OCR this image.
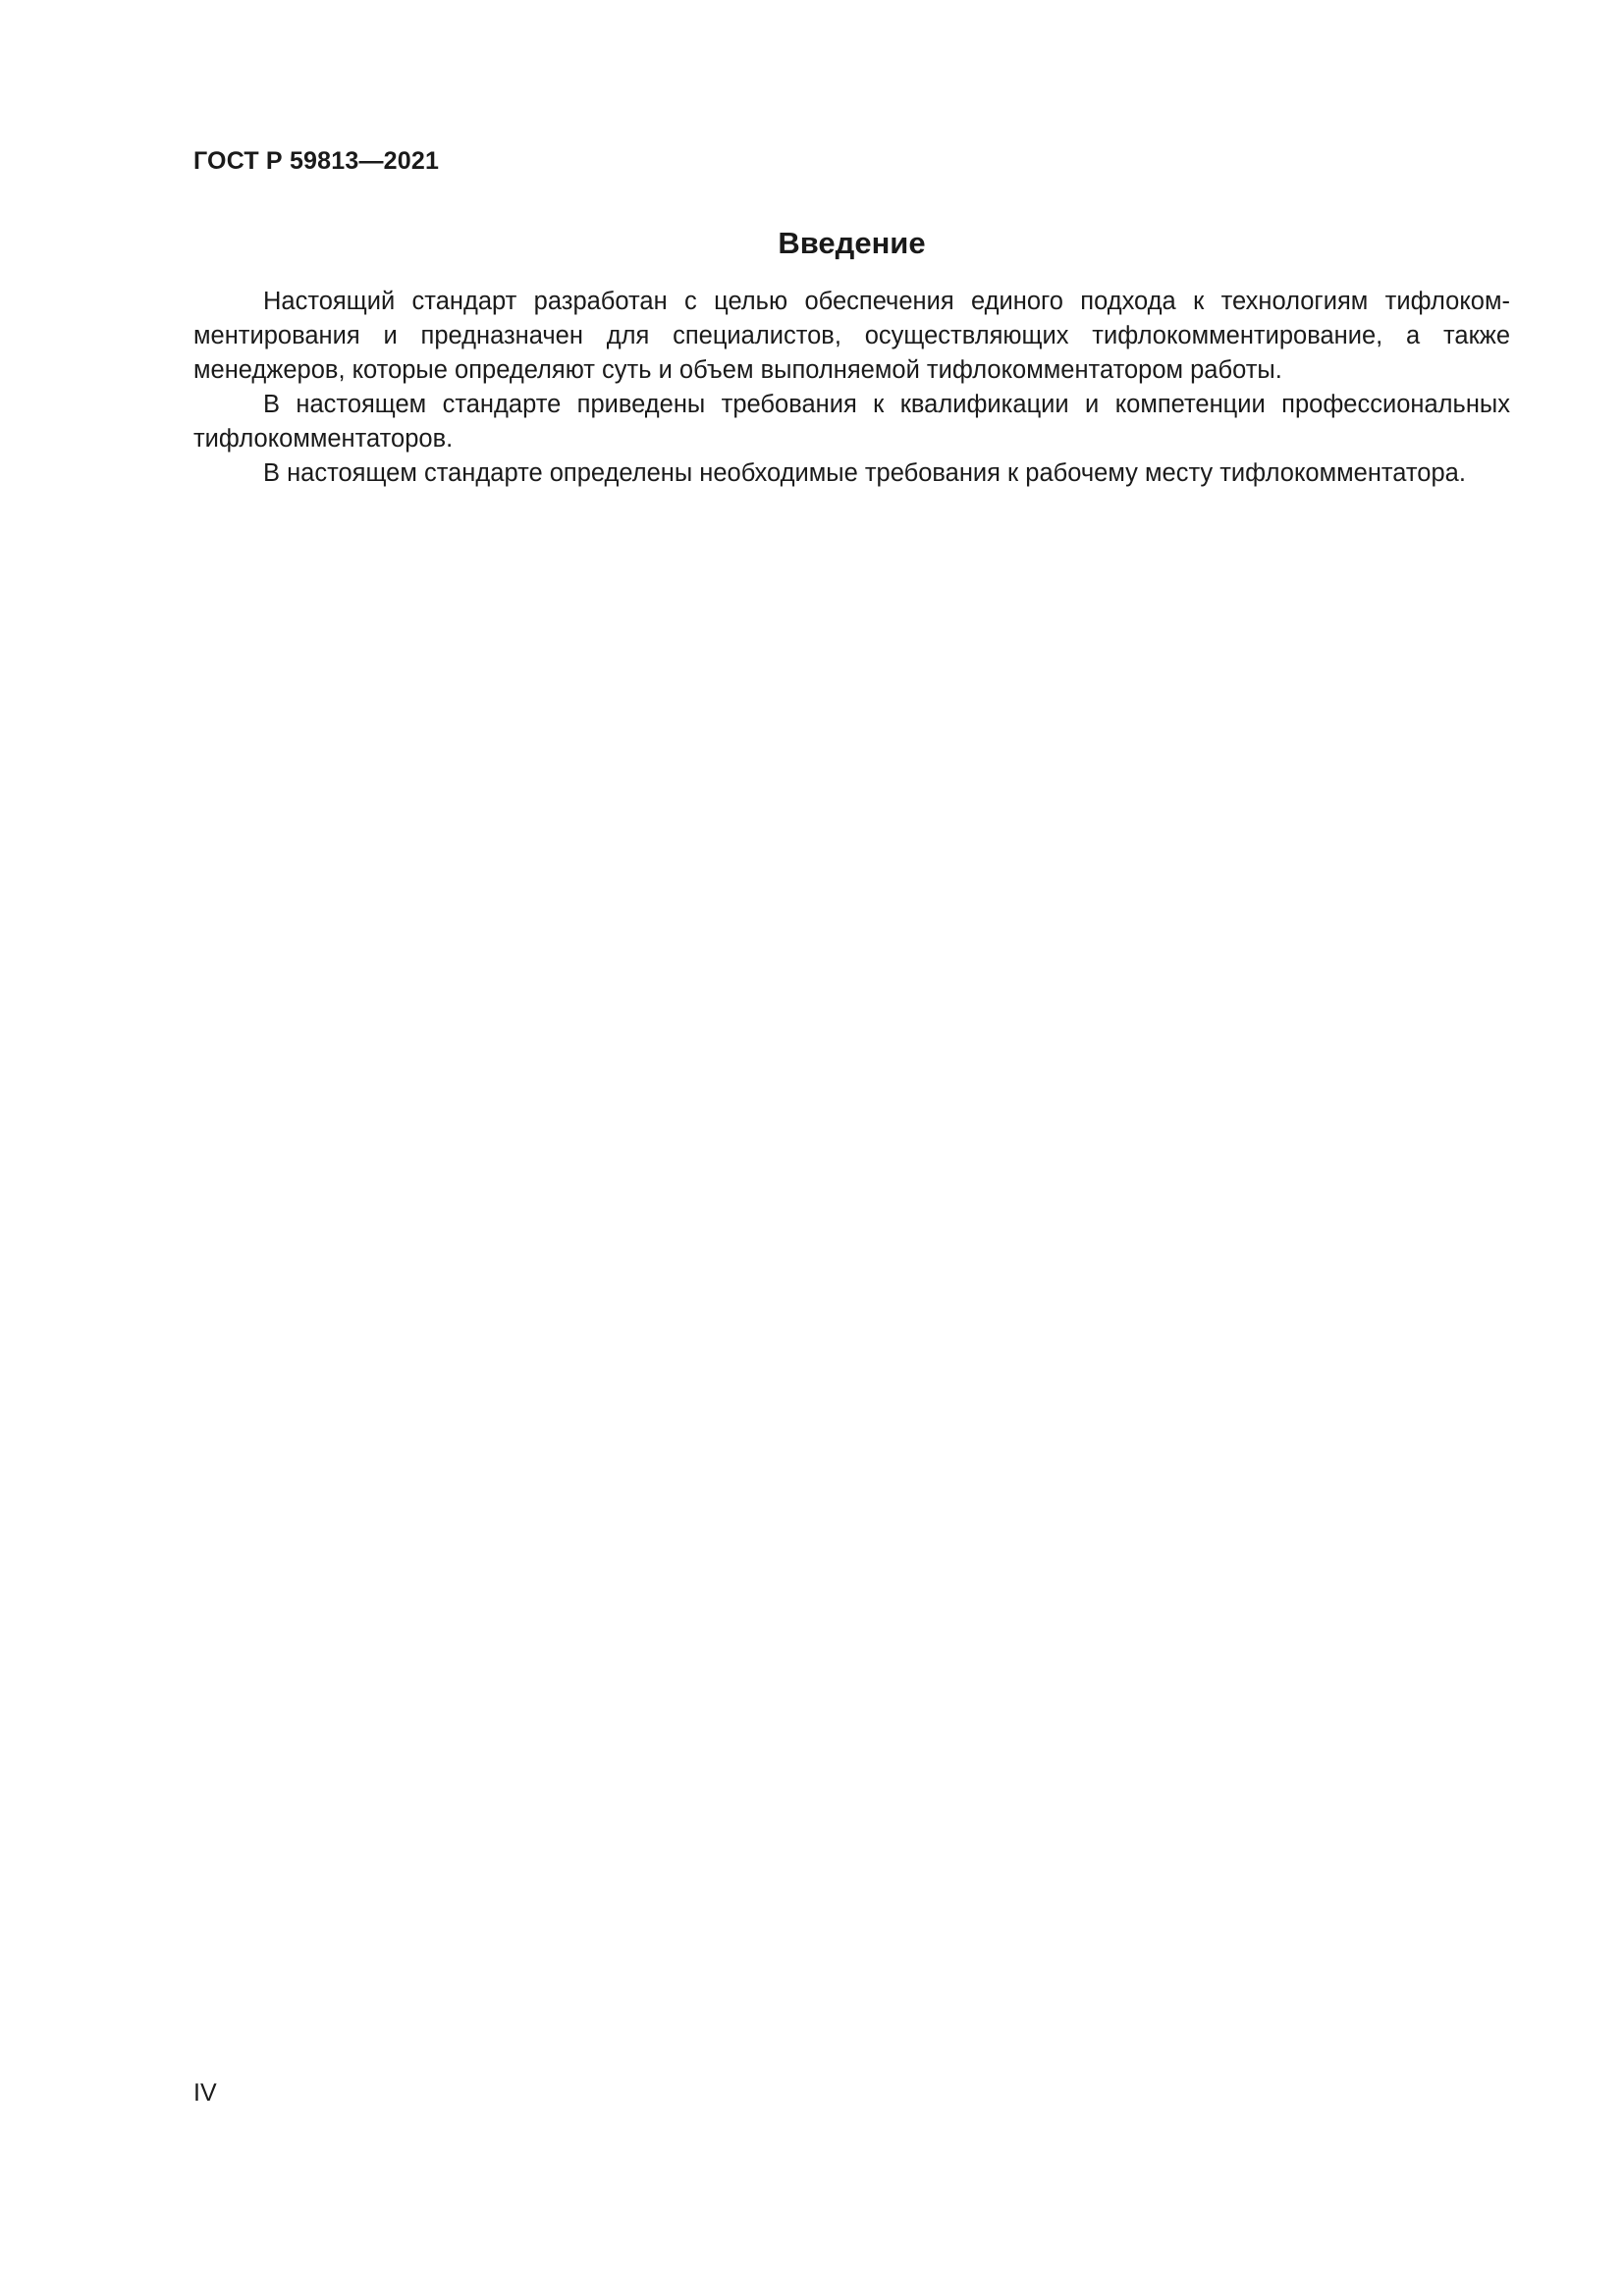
ГОСТ Р 59813—2021
Введение

Настоящий стандарт разработан с целью обеспечения единого подхода к технологиям тифлокомментирования и предназначен для специалистов, осуществляющих тифлокомментирование, а также менеджеров, которые определяют суть и объем выполняемой тифлокомментатором работы.

В настоящем стандарте приведены требования к квалификации и компетенции профессиональных тифлокомментаторов.

В настоящем стандарте определены необходимые требования к рабочему месту тифлокомментатора.

IV
